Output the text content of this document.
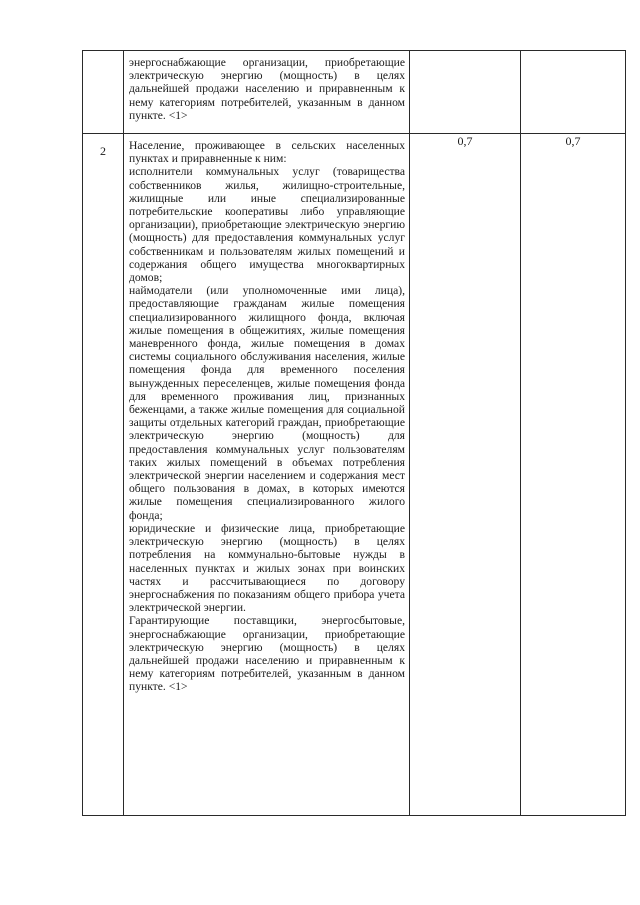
	энергоснабжающие организации, приобретающие электрическую энергию (мощность) в целях дальнейшей продажи населению и приравненным к нему категориям потребителей, указанным в данном пункте. <1>		

2	Население, проживающее в сельских населенных пунктах и приравненные к ним:

исполнители коммунальных услуг (товарищества собственников жилья, жилищно-строительные, жилищные или иные специализированные потребительские кооперативы либо управляющие организации), приобретающие электрическую энергию (мощность) для предоставления коммунальных услуг собственникам и пользователям жилых помещений и содержания общего имущества многоквартирных домов;

наймодатели (или уполномоченные ими лица), предоставляющие гражданам жилые помещения специализированного жилищного фонда, включая жилые помещения в общежитиях, жилые помещения маневренного фонда, жилые помещения в домах системы социального обслуживания населения, жилые помещения фонда для временного поселения вынужденных переселенцев, жилые помещения фонда для временного проживания лиц, признанных беженцами, а также жилые помещения для социальной защиты отдельных категорий граждан, приобретающие электрическую энергию (мощность) для предоставления коммунальных услуг пользователям таких жилых помещений в объемах потребления электрической энергии населением и содержания мест общего пользования в домах, в которых имеются жилые помещения специализированного жилого фонда;

юридические и физические лица, приобретающие электрическую энергию (мощность) в целях потребления на коммунально-бытовые нужды в населенных пунктах и жилых зонах при воинских частях и рассчитывающиеся по договору энергоснабжения по показаниям общего прибора учета электрической энергии.

Гарантирующие поставщики, энергосбытовые, энергоснабжающие организации, приобретающие электрическую энергию (мощность) в целях дальнейшей продажи населению и приравненным к нему категориям потребителей, указанным в данном пункте. <1>	0,7	0,7
